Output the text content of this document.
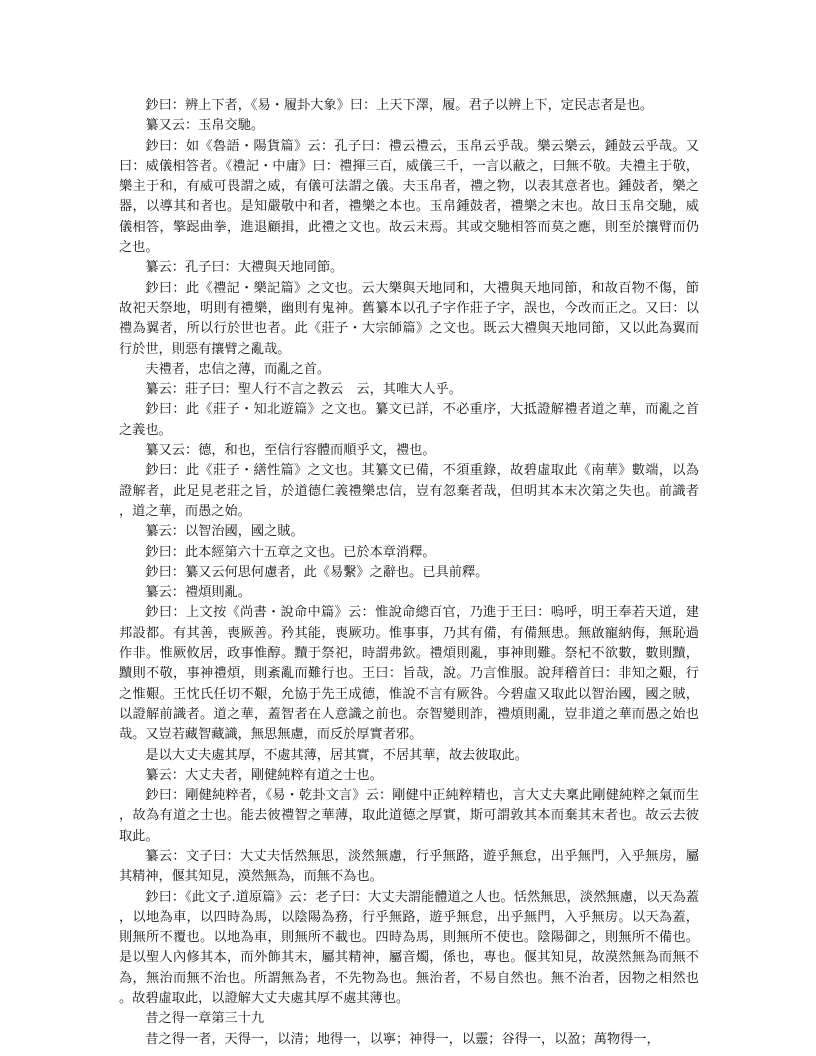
鈔曰：辨上下者，《易・履卦大象》曰：上天下澤，履。君子以辨上下，定民志者是也。

纂又云：玉帛交馳。

鈔曰：如《魯語・陽貨篇》云：孔子曰：禮云禮云，玉帛云乎哉。樂云樂云，鍾鼓云乎哉。又曰：威儀相答者。《禮記・中庸》曰：禮揮三百，威儀三千，一言以蔽之，曰無不敬。夫禮主于敬，樂主于和，有威可畏謂之威，有儀可法謂之儀。夫玉帛者，禮之物，以表其意者也。鍾鼓者，樂之器，以導其和者也。是知嚴敬中和者，禮樂之本也。玉帛鍾鼓者，禮樂之末也。故日玉帛交馳，威儀相答，擎跽曲拳，進退顧揖，此禮之文也。故云末焉。其或交馳相答而莫之應，則至於攘臂而仍之也。

纂云：孔子曰：大禮與天地同節。

鈔曰：此《禮記・樂記篇》之文也。云大樂與天地同和，大禮與天地同節，和故百物不傷，節故祀天祭地，明則有禮樂，幽則有鬼神。舊纂本以孔子字作莊子字，誤也，今改而正之。又曰：以禮為翼者，所以行於世也者。此《莊子・大宗師篇》之文也。既云大禮與天地同節，又以此為翼而行於世，則惡有攘臂之亂哉。

夫禮者，忠信之薄，而亂之首。

纂云：莊子曰：聖人行不言之教云　云，其唯大人乎。

鈔曰：此《莊子・知北遊篇》之文也。纂文已詳，不必重序，大抵證解禮者道之華，而亂之首之義也。

纂又云：德，和也，至信行容體而順乎文，禮也。

鈔曰：此《莊子・繕性篇》之文也。其纂文已備，不須重錄，故碧虛取此《南華》數端，以為證解者，此足見老莊之旨，於道德仁義禮樂忠信，豈有忽棄者哉，但明其本末次第之失也。前識者，道之華，而愚之始。

纂云：以智治國，國之賊。

鈔曰：此本經第六十五章之文也。已於本章消釋。

鈔曰：纂又云何思何慮者，此《易繫》之辭也。已具前釋。

纂云：禮煩則亂。

鈔曰：上文按《尚書・說命中篇》云：惟說命總百官，乃進于王曰：嗚呼，明王奉若天道，建邦設都。有其善，喪厥善。矜其能，喪厥功。惟事事，乃其有備，有備無患。無啟寵納侮，無恥過作非。惟厥攸居，政事惟醇。黷于祭祀，時謂弗欽。禮煩則亂，事神則難。祭杞不欲數，數則黷，黷則不敬，事神禮煩，則紊亂而難行也。王曰：旨哉，說。乃言惟服。說拜稽首曰：非知之艱，行之惟艱。王忱氏任切不艱，允協于先王成德，惟說不言有厥咎。今碧虛又取此以智治國，國之賊，以證解前識者。道之華，蓋智者在人意識之前也。奈智變則詐，禮煩則亂，豈非道之華而愚之始也哉。又豈若藏智藏識，無思無慮，而反於厚實者邪。

是以大丈夫處其厚，不處其薄，居其實，不居其華，故去彼取此。

纂云：大丈夫者，剛健純粹有道之士也。

鈔曰：剛健純粹者，《易・乾卦文言》云：剛健中正純粹精也，言大丈夫稟此剛健純粹之氣而生，故為有道之士也。能去彼禮智之華薄，取此道德之厚實，斯可謂敦其本而棄其末者也。故云去彼取此。

纂云：文子曰：大丈夫恬然無思，淡然無慮，行乎無路，遊乎無怠，出乎無門，入乎無房，屬其精神，偃其知見，漠然無為，而無不為也。

鈔曰：《此文子.道原篇》云：老子曰：大丈夫謂能體道之人也。恬然無思，淡然無慮，以天為蓋，以地為車，以四時為馬，以陰陽為務，行乎無路，遊乎無怠，出乎無門，入乎無房。以天為蓋，則無所不覆也。以地為車，則無所不載也。四時為馬，則無所不使也。陰陽御之，則無所不備也。是以聖人內修其本，而外飾其末，屬其精神，屬音燭，係也，專也。偃其知見，故漠然無為而無不為，無治而無不治也。所謂無為者，不先物為也。無治者，不易自然也。無不治者，因物之相然也。故碧虛取此，以證解大丈夫處其厚不處其薄也。

昔之得一章第三十九

昔之得一者，天得一，以清；地得一，以寧；神得一，以靈；谷得一，以盈；萬物得一，
